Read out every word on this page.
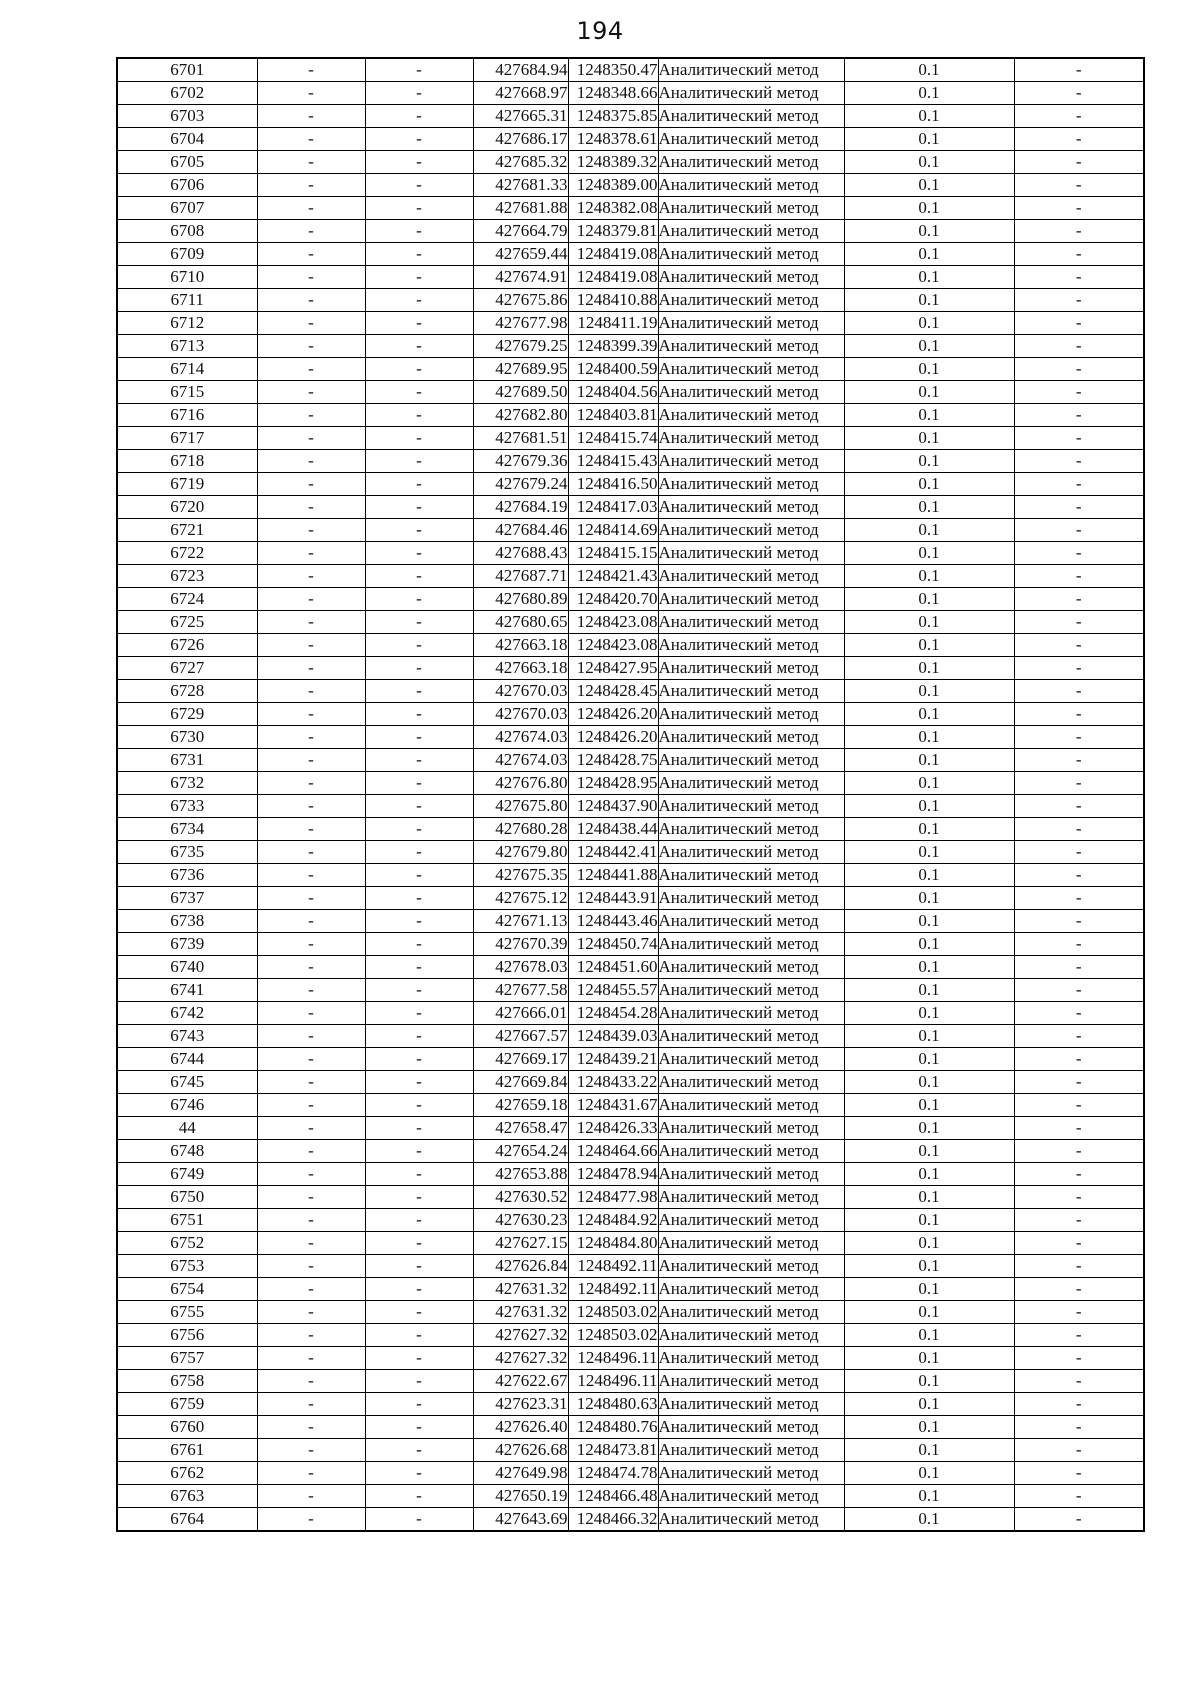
194
6701	-	-	427684.94	1248350.47	Аналитический метод	0.1	-
6702	-	-	427668.97	1248348.66	Аналитический метод	0.1	-
6703	-	-	427665.31	1248375.85	Аналитический метод	0.1	-
6704	-	-	427686.17	1248378.61	Аналитический метод	0.1	-
6705	-	-	427685.32	1248389.32	Аналитический метод	0.1	-
6706	-	-	427681.33	1248389.00	Аналитический метод	0.1	-
6707	-	-	427681.88	1248382.08	Аналитический метод	0.1	-
6708	-	-	427664.79	1248379.81	Аналитический метод	0.1	-
6709	-	-	427659.44	1248419.08	Аналитический метод	0.1	-
6710	-	-	427674.91	1248419.08	Аналитический метод	0.1	-
6711	-	-	427675.86	1248410.88	Аналитический метод	0.1	-
6712	-	-	427677.98	1248411.19	Аналитический метод	0.1	-
6713	-	-	427679.25	1248399.39	Аналитический метод	0.1	-
6714	-	-	427689.95	1248400.59	Аналитический метод	0.1	-
6715	-	-	427689.50	1248404.56	Аналитический метод	0.1	-
6716	-	-	427682.80	1248403.81	Аналитический метод	0.1	-
6717	-	-	427681.51	1248415.74	Аналитический метод	0.1	-
6718	-	-	427679.36	1248415.43	Аналитический метод	0.1	-
6719	-	-	427679.24	1248416.50	Аналитический метод	0.1	-
6720	-	-	427684.19	1248417.03	Аналитический метод	0.1	-
6721	-	-	427684.46	1248414.69	Аналитический метод	0.1	-
6722	-	-	427688.43	1248415.15	Аналитический метод	0.1	-
6723	-	-	427687.71	1248421.43	Аналитический метод	0.1	-
6724	-	-	427680.89	1248420.70	Аналитический метод	0.1	-
6725	-	-	427680.65	1248423.08	Аналитический метод	0.1	-
6726	-	-	427663.18	1248423.08	Аналитический метод	0.1	-
6727	-	-	427663.18	1248427.95	Аналитический метод	0.1	-
6728	-	-	427670.03	1248428.45	Аналитический метод	0.1	-
6729	-	-	427670.03	1248426.20	Аналитический метод	0.1	-
6730	-	-	427674.03	1248426.20	Аналитический метод	0.1	-
6731	-	-	427674.03	1248428.75	Аналитический метод	0.1	-
6732	-	-	427676.80	1248428.95	Аналитический метод	0.1	-
6733	-	-	427675.80	1248437.90	Аналитический метод	0.1	-
6734	-	-	427680.28	1248438.44	Аналитический метод	0.1	-
6735	-	-	427679.80	1248442.41	Аналитический метод	0.1	-
6736	-	-	427675.35	1248441.88	Аналитический метод	0.1	-
6737	-	-	427675.12	1248443.91	Аналитический метод	0.1	-
6738	-	-	427671.13	1248443.46	Аналитический метод	0.1	-
6739	-	-	427670.39	1248450.74	Аналитический метод	0.1	-
6740	-	-	427678.03	1248451.60	Аналитический метод	0.1	-
6741	-	-	427677.58	1248455.57	Аналитический метод	0.1	-
6742	-	-	427666.01	1248454.28	Аналитический метод	0.1	-
6743	-	-	427667.57	1248439.03	Аналитический метод	0.1	-
6744	-	-	427669.17	1248439.21	Аналитический метод	0.1	-
6745	-	-	427669.84	1248433.22	Аналитический метод	0.1	-
6746	-	-	427659.18	1248431.67	Аналитический метод	0.1	-
44	-	-	427658.47	1248426.33	Аналитический метод	0.1	-
6748	-	-	427654.24	1248464.66	Аналитический метод	0.1	-
6749	-	-	427653.88	1248478.94	Аналитический метод	0.1	-
6750	-	-	427630.52	1248477.98	Аналитический метод	0.1	-
6751	-	-	427630.23	1248484.92	Аналитический метод	0.1	-
6752	-	-	427627.15	1248484.80	Аналитический метод	0.1	-
6753	-	-	427626.84	1248492.11	Аналитический метод	0.1	-
6754	-	-	427631.32	1248492.11	Аналитический метод	0.1	-
6755	-	-	427631.32	1248503.02	Аналитический метод	0.1	-
6756	-	-	427627.32	1248503.02	Аналитический метод	0.1	-
6757	-	-	427627.32	1248496.11	Аналитический метод	0.1	-
6758	-	-	427622.67	1248496.11	Аналитический метод	0.1	-
6759	-	-	427623.31	1248480.63	Аналитический метод	0.1	-
6760	-	-	427626.40	1248480.76	Аналитический метод	0.1	-
6761	-	-	427626.68	1248473.81	Аналитический метод	0.1	-
6762	-	-	427649.98	1248474.78	Аналитический метод	0.1	-
6763	-	-	427650.19	1248466.48	Аналитический метод	0.1	-
6764	-	-	427643.69	1248466.32	Аналитический метод	0.1	-
